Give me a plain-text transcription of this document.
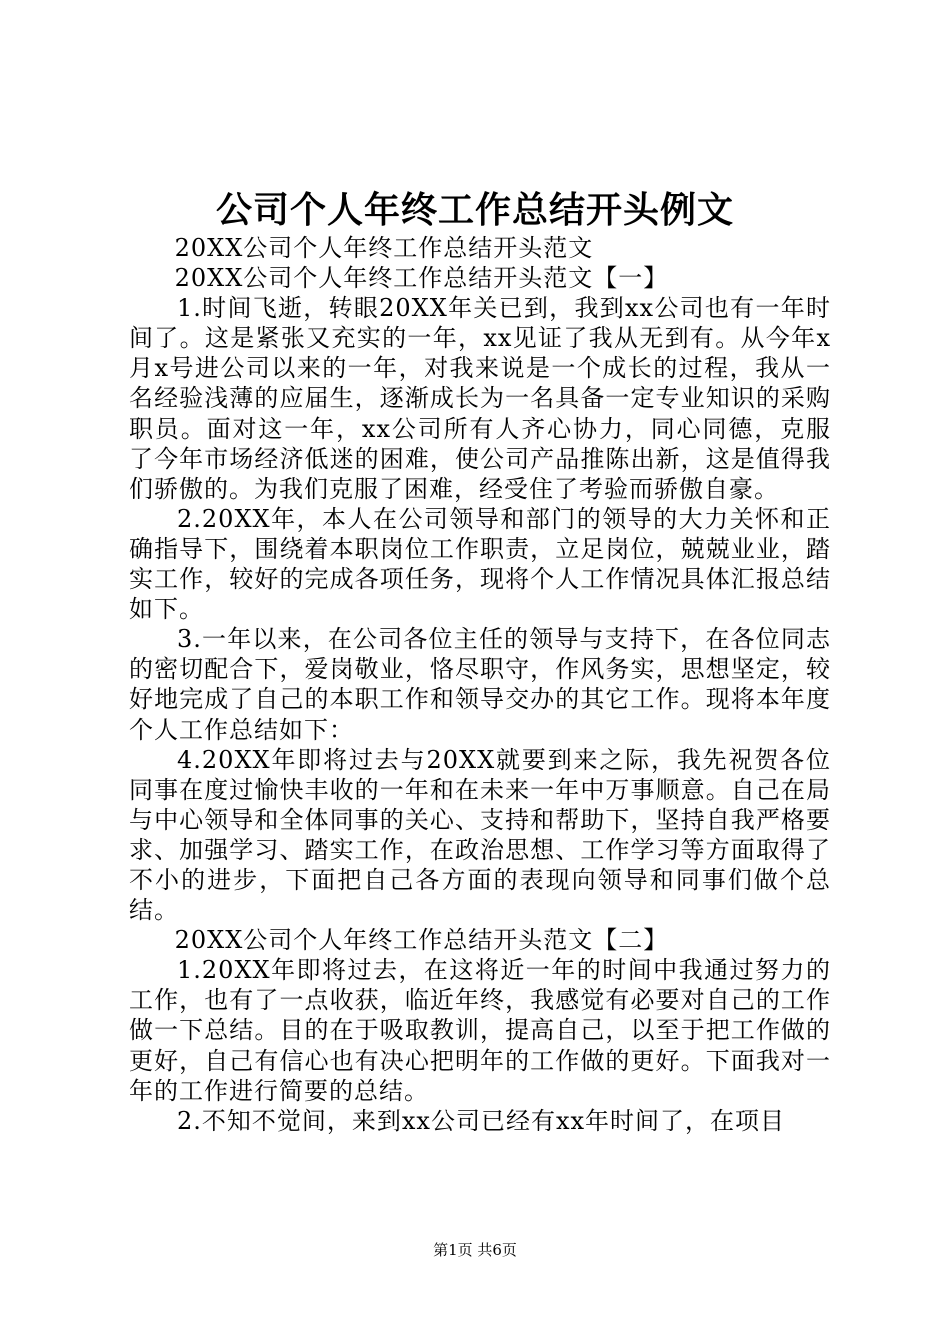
公司个人年终工作总结开头例文

20XX公司个人年终工作总结开头范文

20XX公司个人年终工作总结开头范文【一】

1.时间飞逝，转眼20XX年关已到，我到xx公司也有一年时间了。这是紧张又充实的一年，xx见证了我从无到有。从今年x月x号进公司以来的一年，对我来说是一个成长的过程，我从一名经验浅薄的应届生，逐渐成长为一名具备一定专业知识的采购职员。面对这一年，xx公司所有人齐心协力，同心同德，克服了今年市场经济低迷的困难，使公司产品推陈出新，这是值得我们骄傲的。为我们克服了困难，经受住了考验而骄傲自豪。

2.20XX年，本人在公司领导和部门的领导的大力关怀和正确指导下，围绕着本职岗位工作职责，立足岗位，兢兢业业，踏实工作，较好的完成各项任务，现将个人工作情况具体汇报总结如下。

3.一年以来，在公司各位主任的领导与支持下，在各位同志的密切配合下，爱岗敬业，恪尽职守，作风务实，思想坚定，较好地完成了自己的本职工作和领导交办的其它工作。现将本年度个人工作总结如下：

4.20XX年即将过去与20XX就要到来之际，我先祝贺各位同事在度过愉快丰收的一年和在未来一年中万事顺意。自己在局与中心领导和全体同事的关心、支持和帮助下，坚持自我严格要求、加强学习、踏实工作，在政治思想、工作学习等方面取得了不小的进步，下面把自己各方面的表现向领导和同事们做个总结。

20XX公司个人年终工作总结开头范文【二】

1.20XX年即将过去，在这将近一年的时间中我通过努力的工作，也有了一点收获，临近年终，我感觉有必要对自己的工作做一下总结。目的在于吸取教训，提高自己，以至于把工作做的更好，自己有信心也有决心把明年的工作做的更好。下面我对一年的工作进行简要的总结。

2.不知不觉间，来到xx公司已经有xx年时间了，在项目

第1页 共6页
